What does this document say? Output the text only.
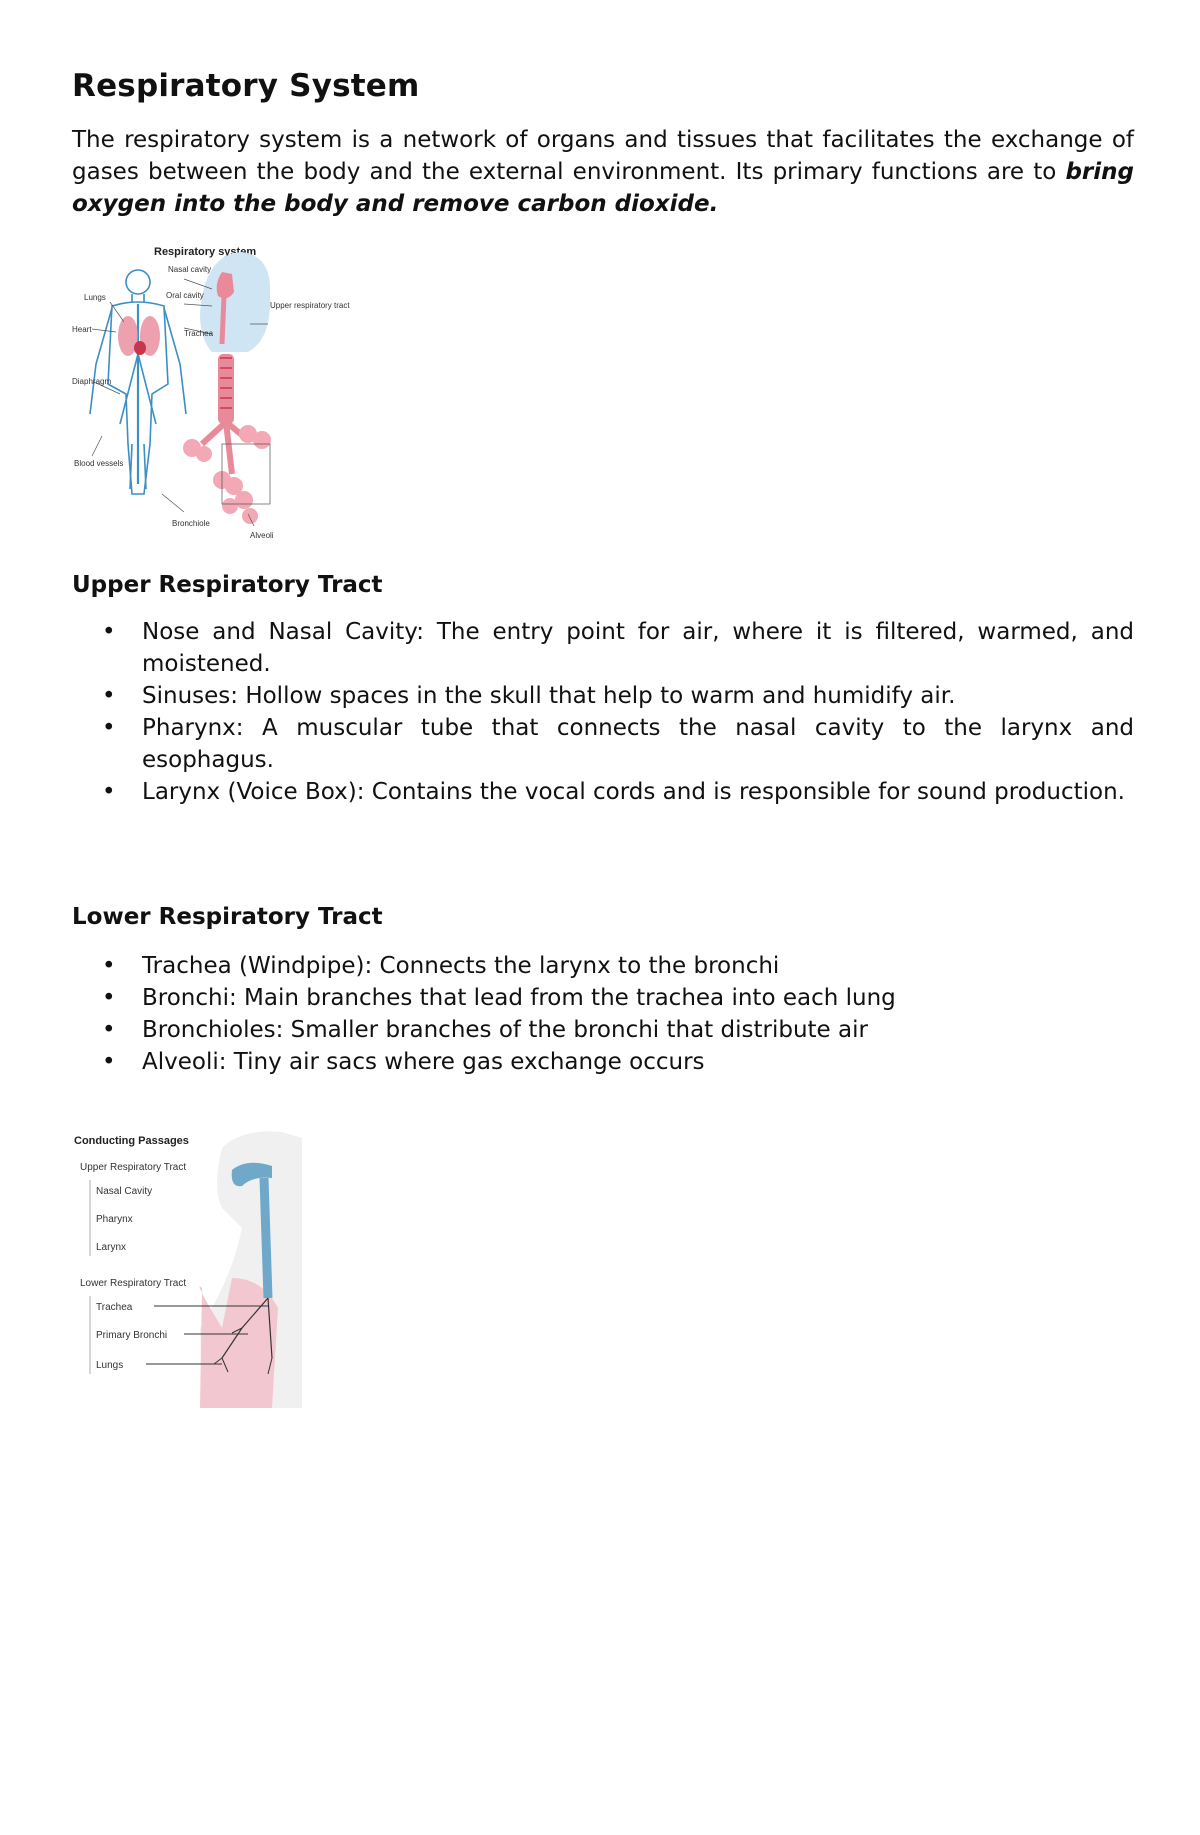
Respiratory System

The respiratory system is a network of organs and tissues that facilitates the exchange of gases between the body and the external environment. Its primary functions are to bring oxygen into the body and remove carbon dioxide.

Respiratory system
Nasal cavity
Oral cavity
Lungs
Heart	Trachea
Upper respiratory tract
Diaphragm
Blood vessels
Bronchiole
Alveoli
Upper Respiratory Tract
• Nose and Nasal Cavity: The entry point for air, where it is filtered, warmed, and moistened.
• Sinuses: Hollow spaces in the skull that help to warm and humidify air.
• Pharynx: A muscular tube that connects the nasal cavity to the larynx and esophagus.
• Larynx (Voice Box): Contains the vocal cords and is responsible for sound production.
Lower Respiratory Tract
• Trachea (Windpipe): Connects the larynx to the bronchi
• Bronchi: Main branches that lead from the trachea into each lung
• Bronchioles: Smaller branches of the bronchi that distribute air
• Alveoli: Tiny air sacs where gas exchange occurs
Conducting Passages
Upper Respiratory Tract
Nasal Cavity
Pharynx
Larynx
Lower Respiratory Tract
Trachea
Primary Bronchi
Lungs
